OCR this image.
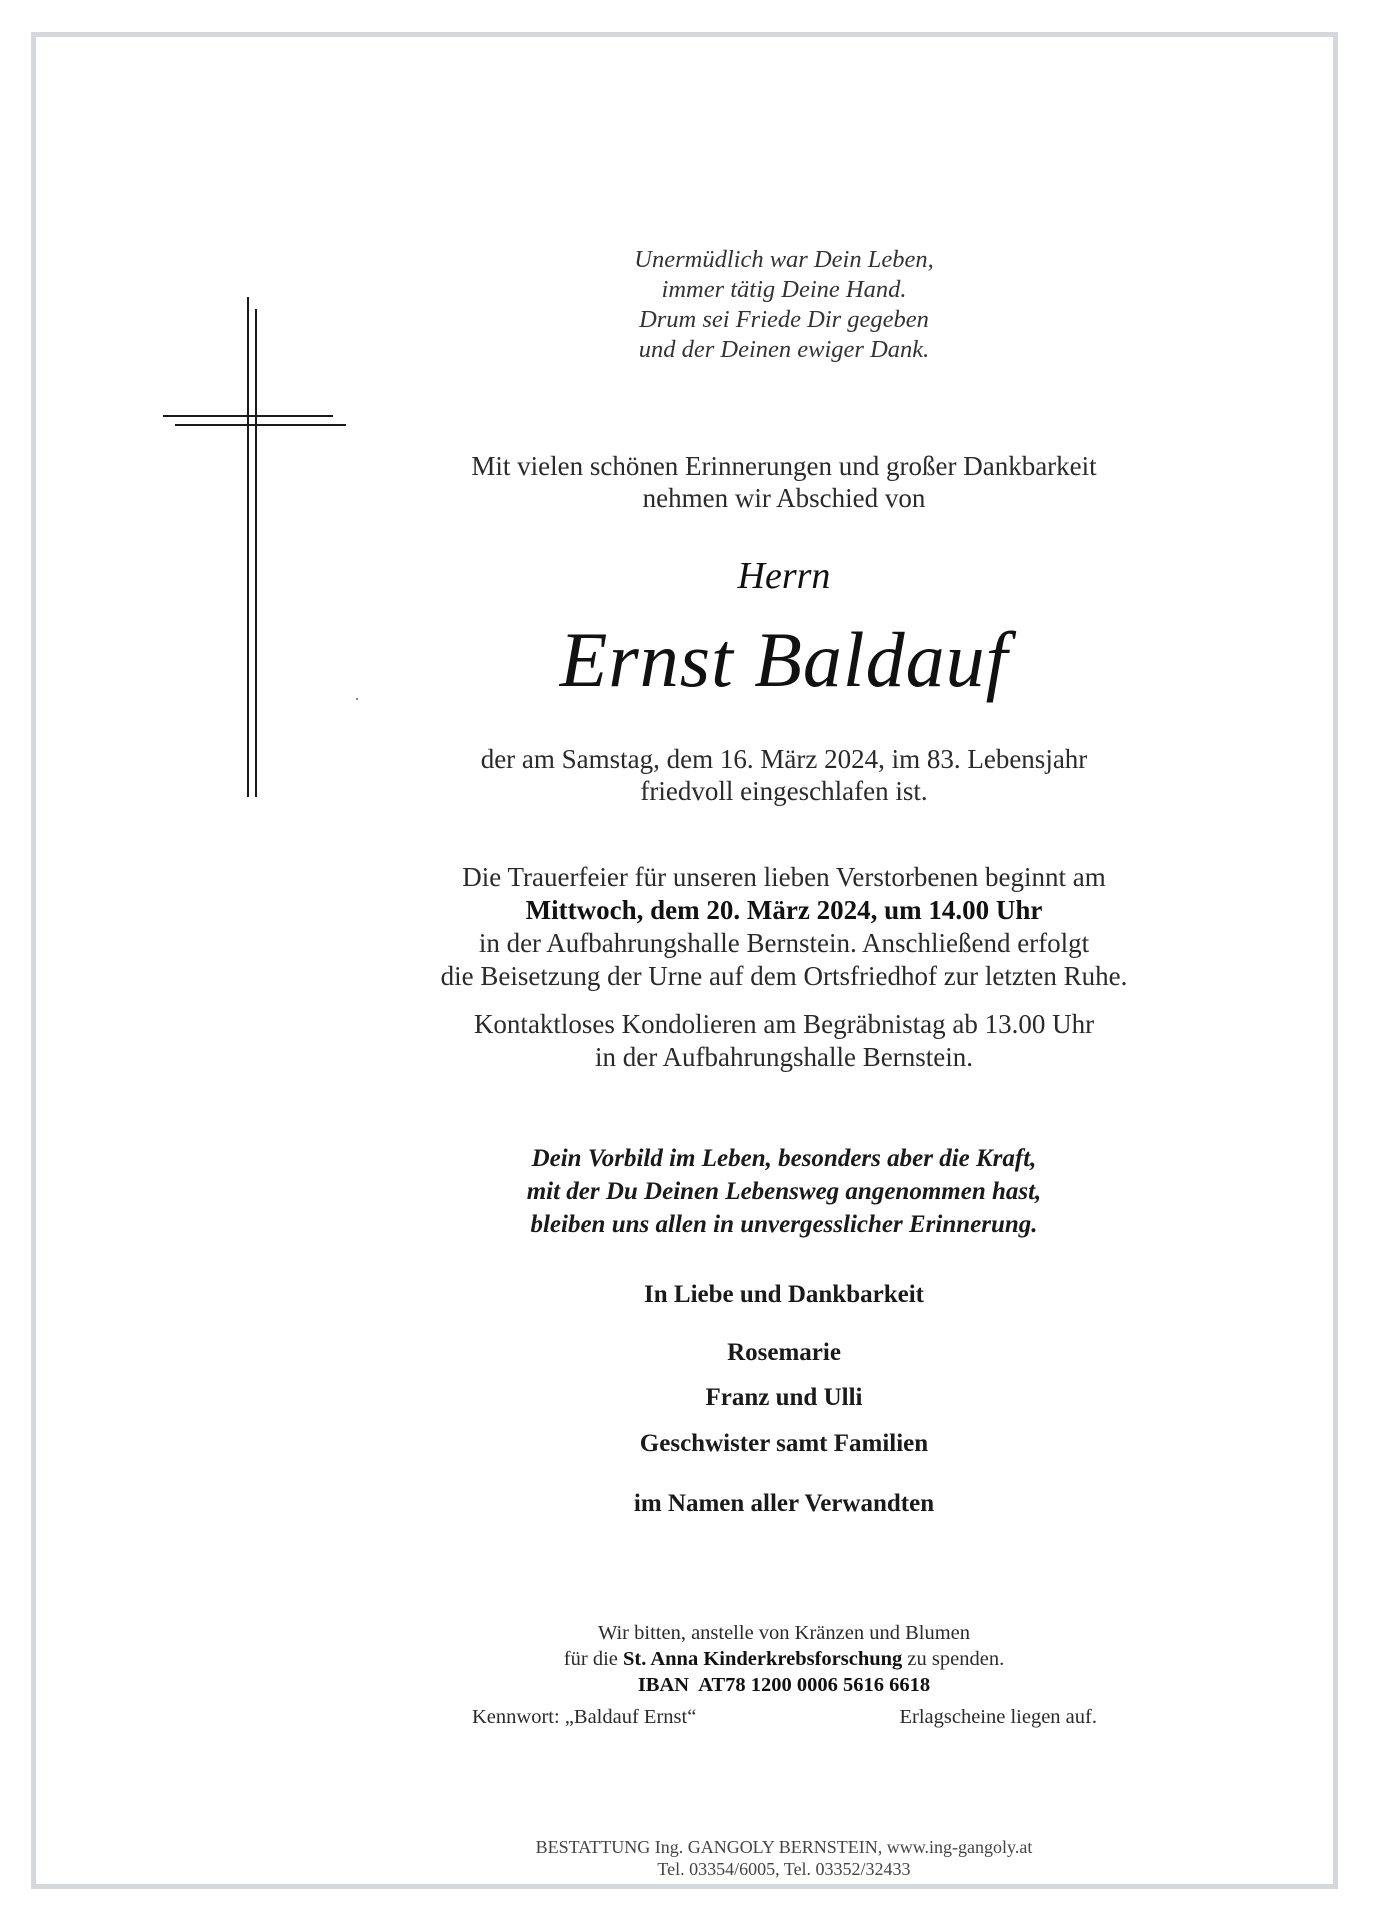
Unermüdlich war Dein Leben,
immer tätig Deine Hand.
Drum sei Friede Dir gegeben
und der Deinen ewiger Dank.
Mit vielen schönen Erinnerungen und großer Dankbarkeit
nehmen wir Abschied von
Herrn
Ernst Baldauf
der am Samstag, dem 16. März 2024, im 83. Lebensjahr
friedvoll eingeschlafen ist.
Die Trauerfeier für unseren lieben Verstorbenen beginnt am
Mittwoch, dem 20. März 2024, um 14.00 Uhr
in der Aufbahrungshalle Bernstein. Anschließend erfolgt
die Beisetzung der Urne auf dem Ortsfriedhof zur letzten Ruhe.
Kontaktloses Kondolieren am Begräbnistag ab 13.00 Uhr
in der Aufbahrungshalle Bernstein.
Dein Vorbild im Leben, besonders aber die Kraft,
mit der Du Deinen Lebensweg angenommen hast,
bleiben uns allen in unvergesslicher Erinnerung.
In Liebe und Dankbarkeit
Rosemarie
Franz und Ulli
Geschwister samt Familien
im Namen aller Verwandten
Wir bitten, anstelle von Kränzen und Blumen
für die St. Anna Kinderkrebsforschung zu spenden.
IBAN  AT78 1200 0006 5616 6618
Kennwort: „Baldauf Ernst“	Erlagscheine liegen auf.
BESTATTUNG Ing. GANGOLY BERNSTEIN, www.ing-gangoly.at
Tel. 03354/6005, Tel. 03352/32433
